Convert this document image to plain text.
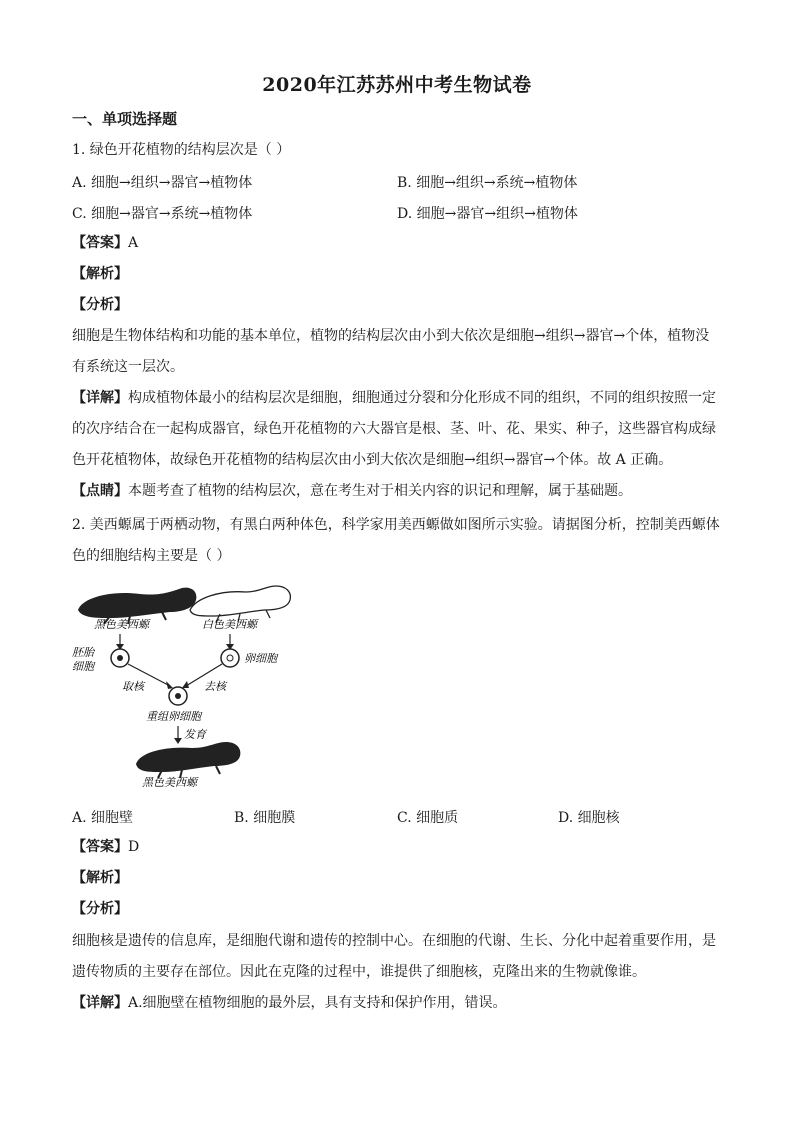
2020年江苏苏州中考生物试卷
一、单项选择题
1. 绿色开花植物的结构层次是（ ）
A. 细胞→组织→器官→植物体	B. 细胞→组织→系统→植物体
C. 细胞→器官→系统→植物体	D. 细胞→器官→组织→植物体
【答案】A
【解析】
【分析】
细胞是生物体结构和功能的基本单位，植物的结构层次由小到大依次是细胞→组织→器官→个体，植物没
有系统这一层次。
【详解】构成植物体最小的结构层次是细胞，细胞通过分裂和分化形成不同的组织，不同的组织按照一定
的次序结合在一起构成器官，绿色开花植物的六大器官是根、茎、叶、花、果实、种子，这些器官构成绿
色开花植物体，故绿色开花植物的结构层次由小到大依次是细胞→组织→器官→个体。故 A 正确。
【点睛】本题考查了植物的结构层次，意在考生对于相关内容的识记和理解，属于基础题。
2. 美西螈属于两栖动物，有黑白两种体色，科学家用美西螈做如图所示实验。请据图分析，控制美西螈体
色的细胞结构主要是（ ）
黑色美西螈	白色美西螈
胚胎
细胞
卵细胞
取核	去核
重组卵细胞
发育
黑色美西螈
A. 细胞壁	B. 细胞膜	C. 细胞质	D. 细胞核
【答案】D
【解析】
【分析】
细胞核是遗传的信息库，是细胞代谢和遗传的控制中心。在细胞的代谢、生长、分化中起着重要作用，是
遗传物质的主要存在部位。因此在克隆的过程中，谁提供了细胞核，克隆出来的生物就像谁。
【详解】A.细胞壁在植物细胞的最外层，具有支持和保护作用，错误。
